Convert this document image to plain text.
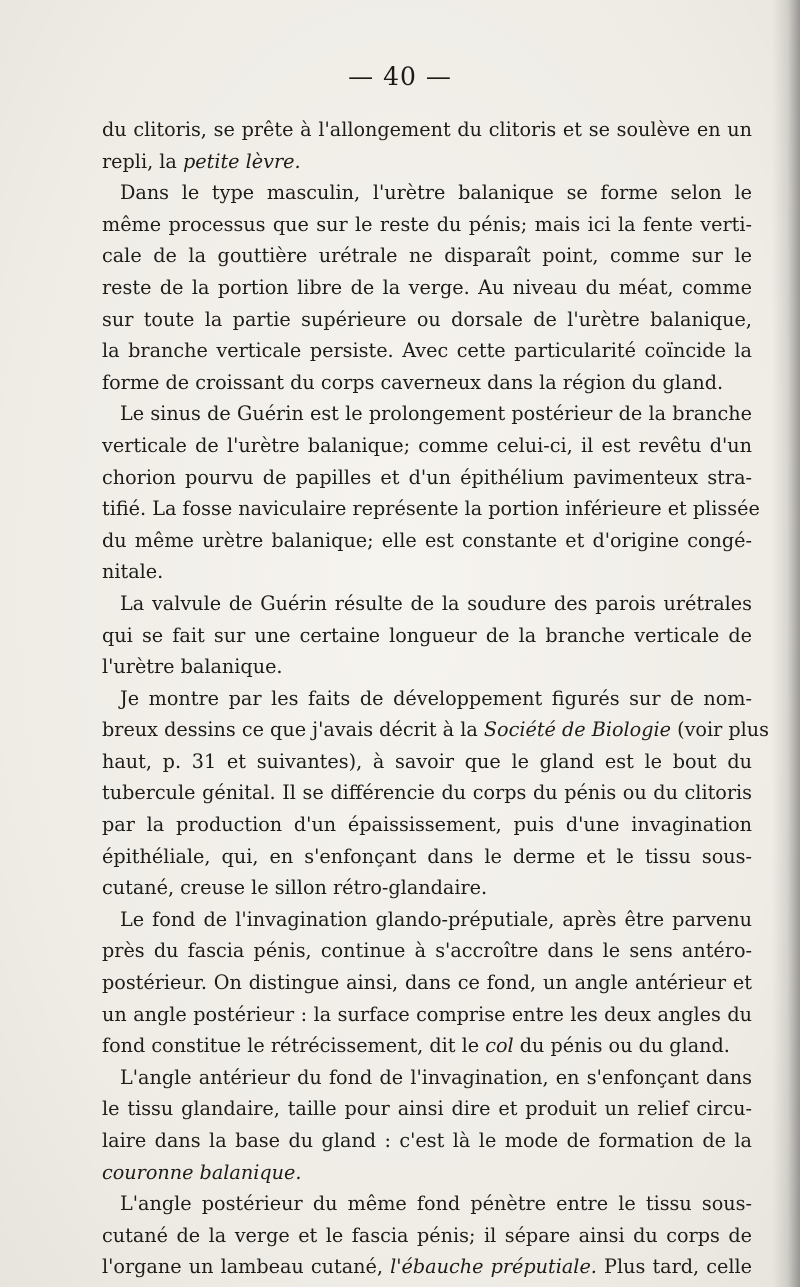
— 40 —
du clitoris, se prête à l'allongement du clitoris et se soulève en un
repli, la petite lèvre.
Dans le type masculin, l'urètre balanique se forme selon le
même processus que sur le reste du pénis; mais ici la fente verti-
cale de la gouttière urétrale ne disparaît point, comme sur le
reste de la portion libre de la verge. Au niveau du méat, comme
sur toute la partie supérieure ou dorsale de l'urètre balanique,
la branche verticale persiste. Avec cette particularité coïncide la
forme de croissant du corps caverneux dans la région du gland.
Le sinus de Guérin est le prolongement postérieur de la branche
verticale de l'urètre balanique; comme celui-ci, il est revêtu d'un
chorion pourvu de papilles et d'un épithélium pavimenteux stra-
tifié. La fosse naviculaire représente la portion inférieure et plissée
du même urètre balanique; elle est constante et d'origine congé-
nitale.
La valvule de Guérin résulte de la soudure des parois urétrales
qui se fait sur une certaine longueur de la branche verticale de
l'urètre balanique.
Je montre par les faits de développement figurés sur de nom-
breux dessins ce que j'avais décrit à la Société de Biologie (voir plus
haut, p. 31 et suivantes), à savoir que le gland est le bout du
tubercule génital. Il se différencie du corps du pénis ou du clitoris
par la production d'un épaississement, puis d'une invagination
épithéliale, qui, en s'enfonçant dans le derme et le tissu sous-
cutané, creuse le sillon rétro-glandaire.
Le fond de l'invagination glando-préputiale, après être parvenu
près du fascia pénis, continue à s'accroître dans le sens antéro-
postérieur. On distingue ainsi, dans ce fond, un angle antérieur et
un angle postérieur : la surface comprise entre les deux angles du
fond constitue le rétrécissement, dit le col du pénis ou du gland.
L'angle antérieur du fond de l'invagination, en s'enfonçant dans
le tissu glandaire, taille pour ainsi dire et produit un relief circu-
laire dans la base du gland : c'est là le mode de formation de la
couronne balanique.
L'angle postérieur du même fond pénètre entre le tissu sous-
cutané de la verge et le fascia pénis; il sépare ainsi du corps de
l'organe un lambeau cutané, l'ébauche préputiale. Plus tard, celle
